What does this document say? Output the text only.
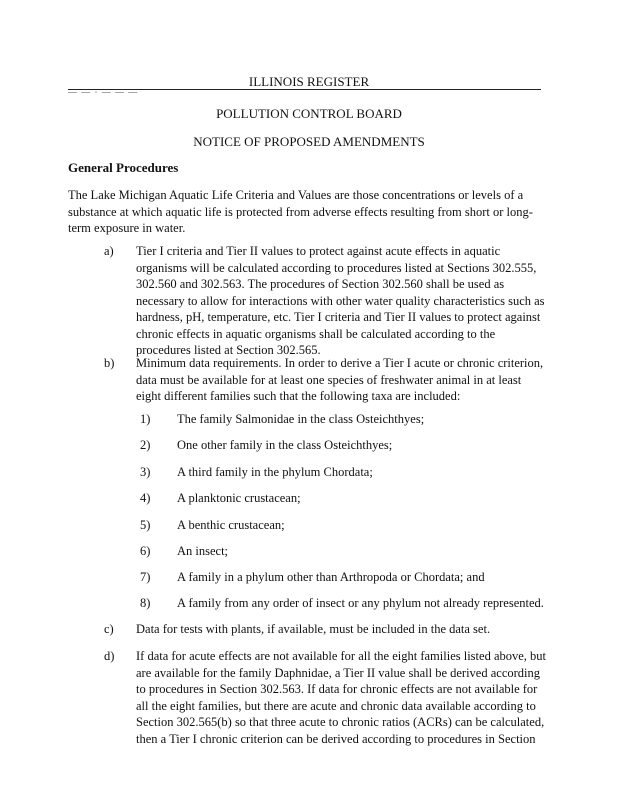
— — · — — —
ILLINOIS REGISTER
POLLUTION CONTROL BOARD
NOTICE OF PROPOSED AMENDMENTS
General Procedures
The Lake Michigan Aquatic Life Criteria and Values are those concentrations or levels of a substance at which aquatic life is protected from adverse effects resulting from short or long-term exposure in water.
a) Tier I criteria and Tier II values to protect against acute effects in aquatic organisms will be calculated according to procedures listed at Sections 302.555, 302.560 and 302.563. The procedures of Section 302.560 shall be used as necessary to allow for interactions with other water quality characteristics such as hardness, pH, temperature, etc. Tier I criteria and Tier II values to protect against chronic effects in aquatic organisms shall be calculated according to the procedures listed at Section 302.565.
b) Minimum data requirements. In order to derive a Tier I acute or chronic criterion, data must be available for at least one species of freshwater animal in at least eight different families such that the following taxa are included:
1) The family Salmonidae in the class Osteichthyes;
2) One other family in the class Osteichthyes;
3) A third family in the phylum Chordata;
4) A planktonic crustacean;
5) A benthic crustacean;
6) An insect;
7) A family in a phylum other than Arthropoda or Chordata; and
8) A family from any order of insect or any phylum not already represented.
c) Data for tests with plants, if available, must be included in the data set.
d) If data for acute effects are not available for all the eight families listed above, but are available for the family Daphnidae, a Tier II value shall be derived according to procedures in Section 302.563. If data for chronic effects are not available for all the eight families, but there are acute and chronic data available according to Section 302.565(b) so that three acute to chronic ratios (ACRs) can be calculated, then a Tier I chronic criterion can be derived according to procedures in Section
